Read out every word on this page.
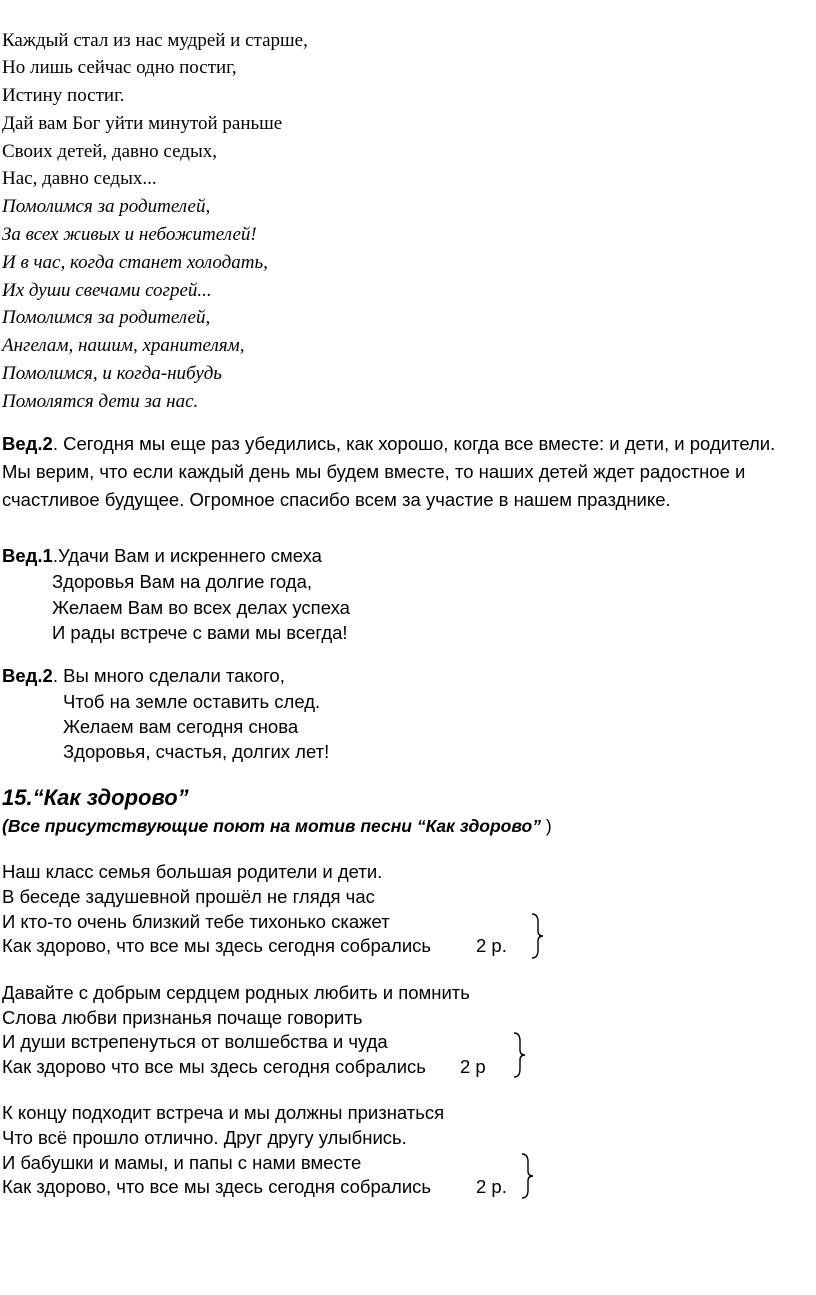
Каждый стал из нас мудрей и старше,
Но лишь сейчас одно постиг,
Истину постиг.
Дай вам Бог уйти минутой раньше
Своих детей, давно седых,
Нас, давно седых...
Помолимся за родителей,
За всех живых и небожителей!
И в час, когда станет холодать,
Их души свечами согрей...
Помолимся за родителей,
Ангелам, нашим, хранителям,
Помолимся, и когда-нибудь
Помолятся дети за нас.
Вед.2. Сегодня мы еще раз убедились, как хорошо, когда все вместе: и дети, и родители.
Мы верим, что если каждый день мы будем вместе, то наших детей ждет радостное и
счастливое будущее. Огромное спасибо всем за участие в нашем празднике.
Вед.1.Удачи Вам и искреннего смеха
Здоровья Вам на долгие года,
Желаем Вам во всех делах успеха
И рады встрече с вами мы всегда!
Вед.2. Вы много сделали такого,
Чтоб на земле оставить след.
Желаем вам сегодня снова
Здоровья, счастья, долгих лет!
15.“Как здорово”
(Все присутствующие поют на мотив песни “Как здорово” )
Наш класс семья большая родители и дети.
В беседе задушевной прошёл не глядя час
И кто-то очень близкий тебе тихонько скажет
Как здорово, что все мы здесь сегодня собрались 2 р.
Давайте с добрым сердцем родных любить и помнить
Слова любви признанья почаще говорить
И души встрепенуться от волшебства и чуда
Как здорово что все мы здесь сегодня собрались 2 р
К концу подходит встреча и мы должны признаться
Что всё прошло отлично. Друг другу улыбнись.
И бабушки и мамы, и папы с нами вместе
Как здорово, что все мы здесь сегодня собрались 2 р.
